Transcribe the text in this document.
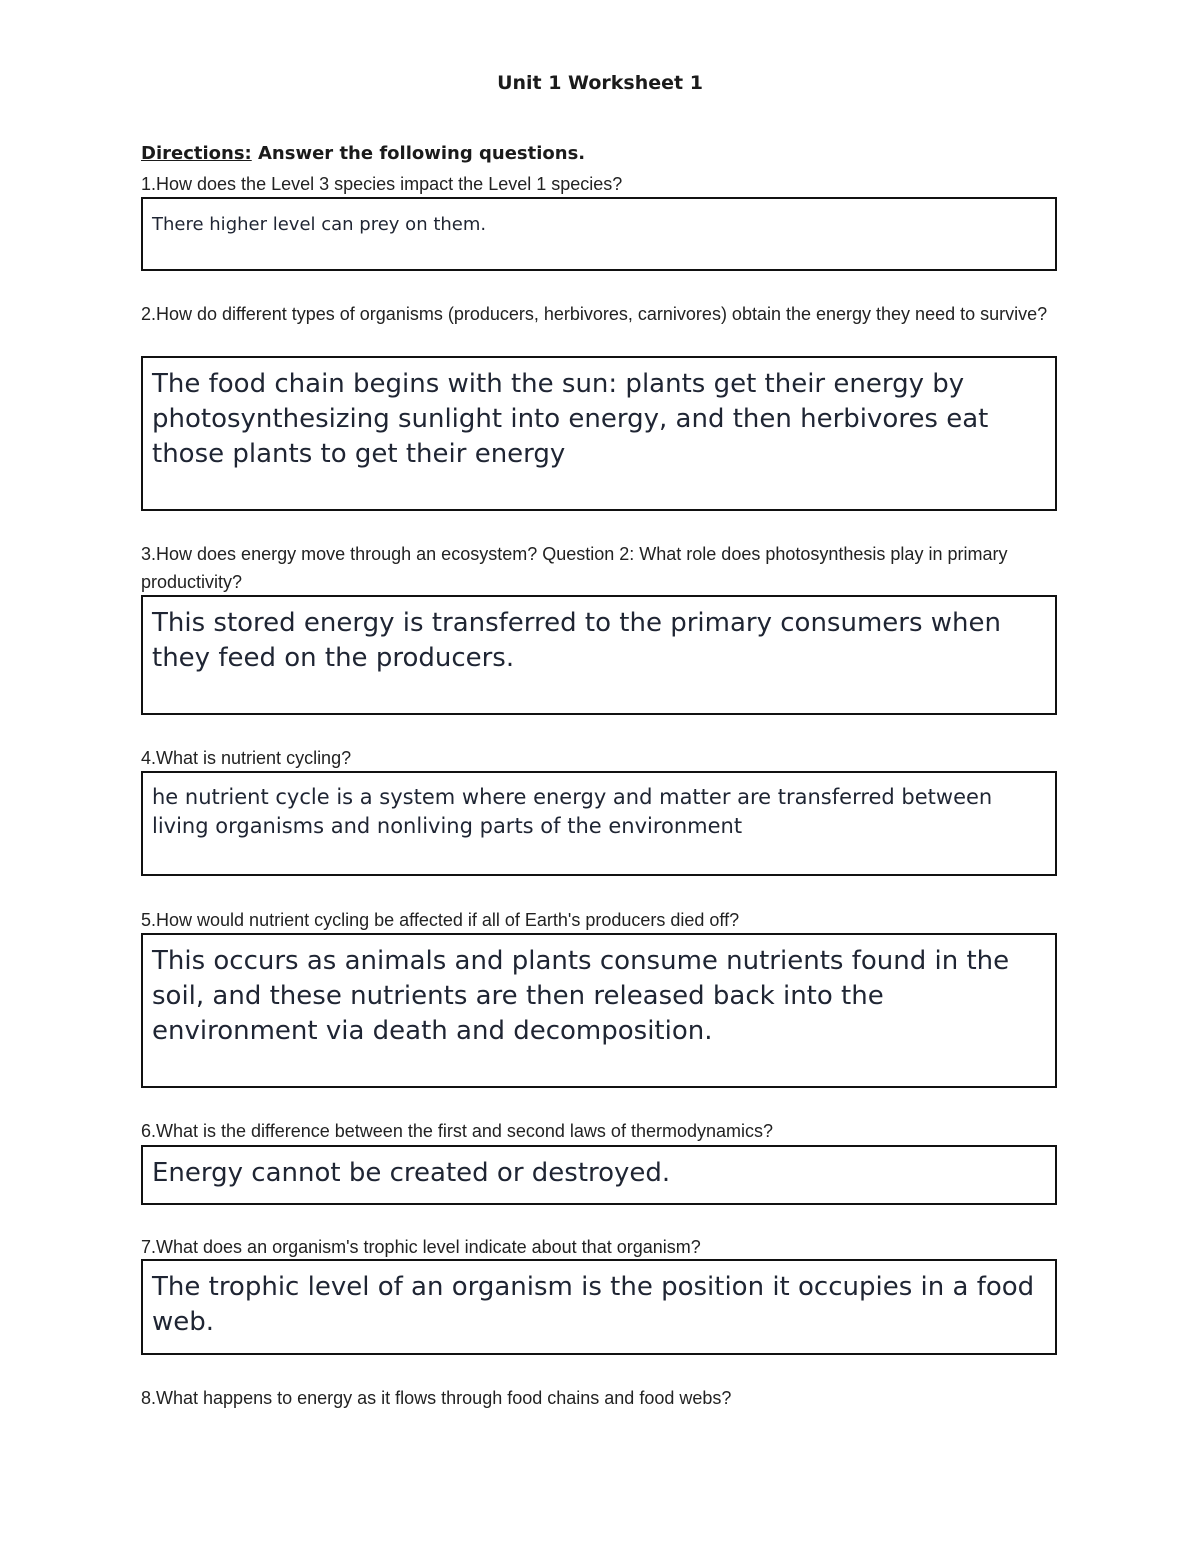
Unit 1 Worksheet 1
Directions: Answer the following questions.
1.How does the Level 3 species impact the Level 1 species?
There higher level can prey on them.
2.How do different types of organisms (producers, herbivores, carnivores) obtain the energy they need to survive?
The food chain begins with the sun: plants get their energy by photosynthesizing sunlight into energy, and then herbivores eat those plants to get their energy
3.How does energy move through an ecosystem? Question 2: What role does photosynthesis play in primary productivity?
This stored energy is transferred to the primary consumers when they feed on the producers.
4.What is nutrient cycling?
he nutrient cycle is a system where energy and matter are transferred between living organisms and nonliving parts of the environment
5.How would nutrient cycling be affected if all of Earth's producers died off?
This occurs as animals and plants consume nutrients found in the soil, and these nutrients are then released back into the environment via death and decomposition.
6.What is the difference between the first and second laws of thermodynamics?
Energy cannot be created or destroyed.
7.What does an organism's trophic level indicate about that organism?
The trophic level of an organism is the position it occupies in a food web.
8.What happens to energy as it flows through food chains and food webs?
